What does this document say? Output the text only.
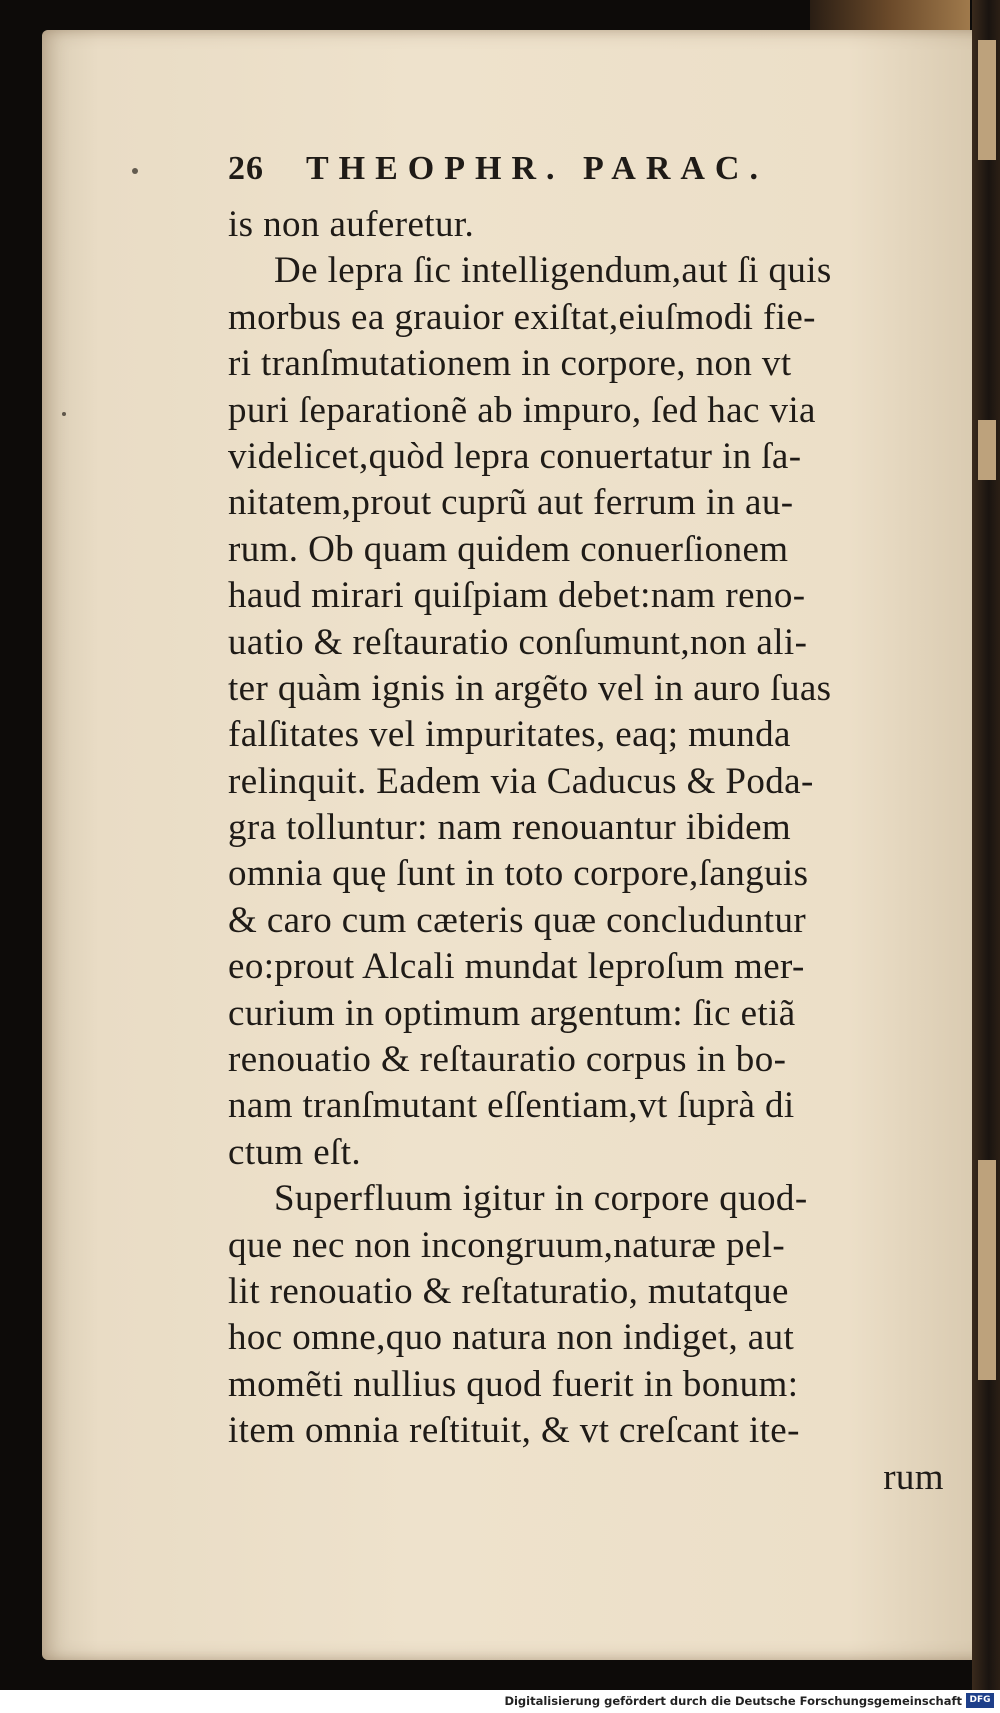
26	THEOPHR. PARAC.
is non auferetur.
De lepra ſic intelligendum,aut ſi quis
morbus ea grauior exiſtat,eiuſmodi fie-
ri tranſmutationem in corpore, non vt
puri ſeparationẽ ab impuro, ſed hac via
videlicet,quòd lepra conuertatur in ſa-
nitatem,prout cuprũ aut ferrum in au-
rum. Ob quam quidem conuerſionem
haud mirari quiſpiam debet:nam reno-
uatio & reſtauratio conſumunt,non ali-
ter quàm ignis in argẽto vel in auro ſuas
falſitates vel impuritates, eaq; munda
relinquit. Eadem via Caducus & Poda-
gra tolluntur: nam renouantur ibidem
omnia quę ſunt in toto corpore,ſanguis
& caro cum cæteris quæ concluduntur
eo:prout Alcali mundat leproſum mer-
curium in optimum argentum: ſic etiã
renouatio & reſtauratio corpus in bo-
nam tranſmutant eſſentiam,vt ſuprà di
ctum eſt.
Superfluum igitur in corpore quod-
que nec non incongruum,naturæ pel-
lit renouatio & reſtaturatio, mutatque
hoc omne,quo natura non indiget, aut
momẽti nullius quod fuerit in bonum:
item omnia reſtituit, & vt creſcant ite-
rum
Digitalisierung gefördert durch die Deutsche Forschungsgemeinschaft DFG
